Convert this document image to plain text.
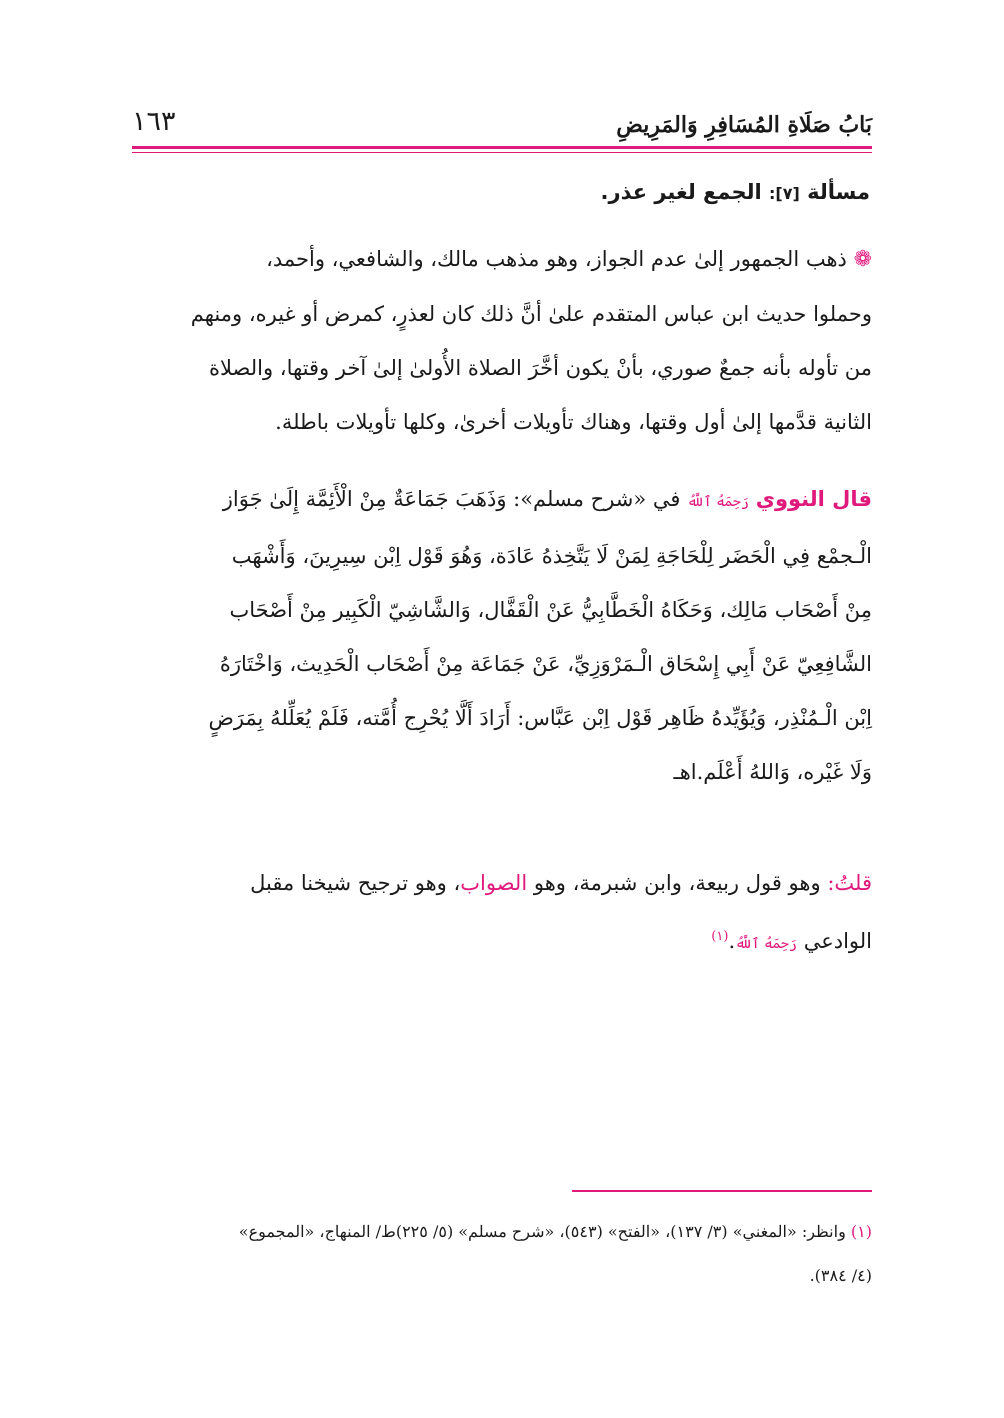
١٦٣	بَابُ صَلَاةِ المُسَافِرِ وَالمَرِيضِ
مسألة [٧]: الجمع لغير عذر.
❁ ذهب الجمهور إلىٰ عدم الجواز، وهو مذهب مالك، والشافعي، وأحمد،
وحملوا حديث ابن عباس المتقدم علىٰ أنَّ ذلك كان لعذرٍ، كمرض أو غيره، ومنهم
من تأوله بأنه جمعٌ صوري، بأنْ يكون أخَّرَ الصلاة الأُولىٰ إلىٰ آخر وقتها، والصلاة
الثانية قدَّمها إلىٰ أول وقتها، وهناك تأويلات أخرىٰ، وكلها تأويلات باطلة.
قال النووي رَحِمَهُ ٱللَّهُ في «شرح مسلم»: وَذَهَبَ جَمَاعَةٌ مِنْ الْأَئِمَّة إِلَىٰ جَوَاز
الْـجمْع فِي الْحَضَر لِلْحَاجَةِ لِمَنْ لَا يَتَّخِذهُ عَادَة، وَهُوَ قَوْل اِبْن سِيرِينَ، وَأَشْهَب
مِنْ أَصْحَاب مَالِك، وَحَكَاهُ الْخَطَّابِيُّ عَنْ الْقَفَّال، وَالشَّاشِيّ الْكَبِير مِنْ أَصْحَاب
الشَّافِعِيّ عَنْ أَبِي إِسْحَاق الْـمَرْوَزِيِّ، عَنْ جَمَاعَة مِنْ أَصْحَاب الْحَدِيث، وَاخْتَارَهُ
اِبْن الْـمُنْذِر، وَيُؤَيِّدهُ ظَاهِر قَوْل اِبْن عَبَّاس: أَرَادَ أَلَّا يُحْرِج أُمَّته، فَلَمْ يُعَلِّلهُ بِمَرَضٍ
وَلَا غَيْره، وَاللهُ أَعْلَم.اهـ
قلتُ: وهو قول ربيعة، وابن شبرمة، وهو الصواب، وهو ترجيح شيخنا مقبل
الوادعي رَحِمَهُ ٱللَّهُ.$^{(١)}$
(١) وانظر: «المغني» (٣/ ١٣٧)، «الفتح» (٥٤٣)، «شرح مسلم» (٥/ ٢٢٥)ط/ المنهاج، «المجموع»
(٤/ ٣٨٤).
